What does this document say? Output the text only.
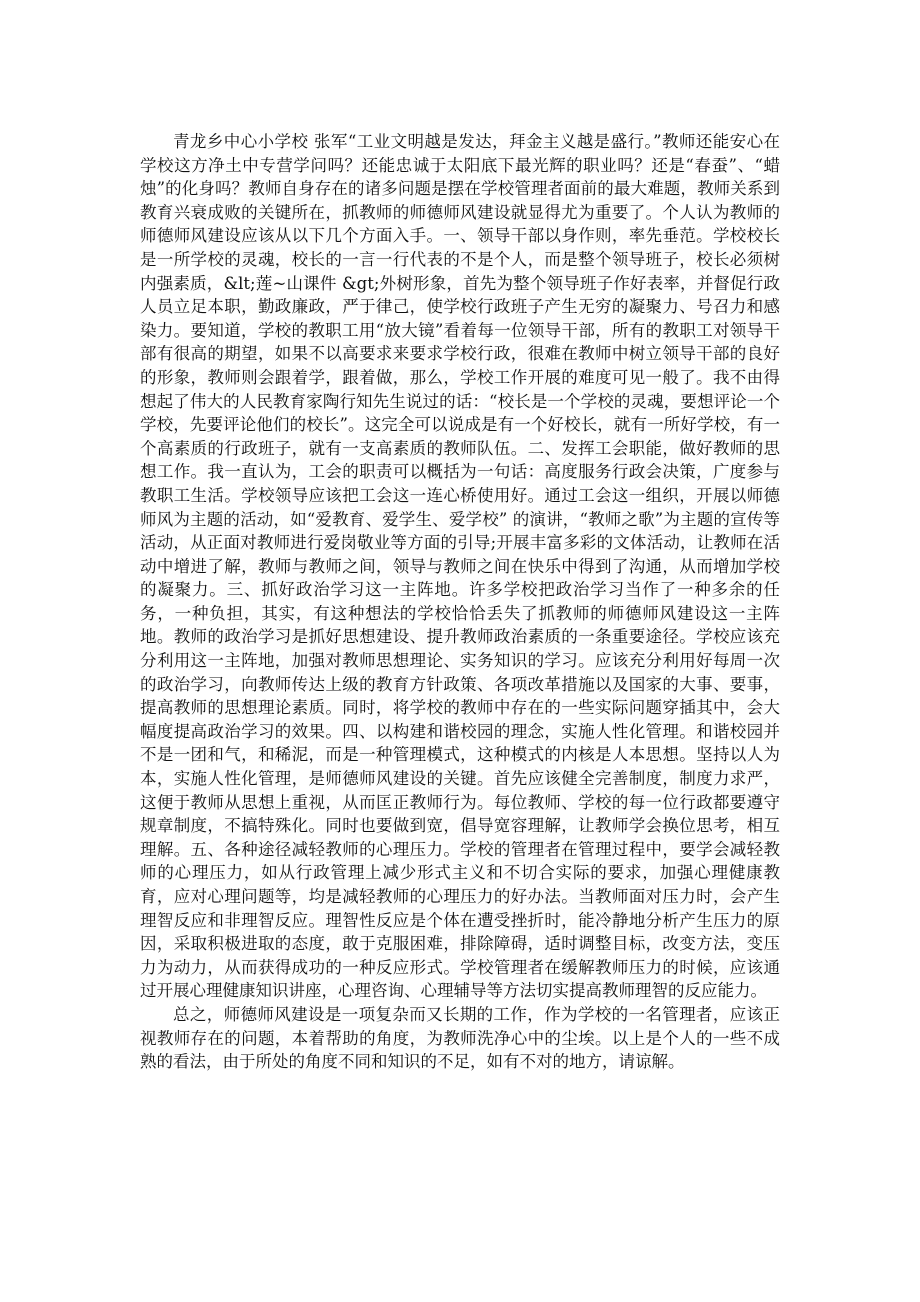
青龙乡中心小学校 张军“工业文明越是发达，拜金主义越是盛行。”教师还能安心在学校这方净土中专营学问吗？还能忠诚于太阳底下最光辉的职业吗？还是“春蚕”、“蜡烛”的化身吗？教师自身存在的诸多问题是摆在学校管理者面前的最大难题，教师关系到教育兴衰成败的关键所在，抓教师的师德师风建设就显得尤为重要了。个人认为教师的师德师风建设应该从以下几个方面入手。一、领导干部以身作则，率先垂范。学校校长是一所学校的灵魂，校长的一言一行代表的不是个人，而是整个领导班子，校长必须树内强素质，&lt;莲~山课件 &gt;外树形象，首先为整个领导班子作好表率，并督促行政人员立足本职，勤政廉政，严于律己，使学校行政班子产生无穷的凝聚力、号召力和感染力。要知道，学校的教职工用“放大镜”看着每一位领导干部，所有的教职工对领导干部有很高的期望，如果不以高要求来要求学校行政，很难在教师中树立领导干部的良好的形象，教师则会跟着学，跟着做，那么，学校工作开展的难度可见一般了。我不由得想起了伟大的人民教育家陶行知先生说过的话：“校长是一个学校的灵魂，要想评论一个学校，先要评论他们的校长”。这完全可以说成是有一个好校长，就有一所好学校，有一个高素质的行政班子，就有一支高素质的教师队伍。二、发挥工会职能，做好教师的思想工作。我一直认为，工会的职责可以概括为一句话：高度服务行政会决策，广度参与教职工生活。学校领导应该把工会这一连心桥使用好。通过工会这一组织，开展以师德师风为主题的活动，如“爱教育、爱学生、爱学校” 的演讲，“教师之歌”为主题的宣传等活动，从正面对教师进行爱岗敬业等方面的引导;开展丰富多彩的文体活动，让教师在活动中增进了解，教师与教师之间，领导与教师之间在快乐中得到了沟通，从而增加学校的凝聚力。三、抓好政治学习这一主阵地。许多学校把政治学习当作了一种多余的任务，一种负担，其实，有这种想法的学校恰恰丢失了抓教师的师德师风建设这一主阵地。教师的政治学习是抓好思想建设、提升教师政治素质的一条重要途径。学校应该充分利用这一主阵地，加强对教师思想理论、实务知识的学习。应该充分利用好每周一次的政治学习，向教师传达上级的教育方针政策、各项改革措施以及国家的大事、要事，提高教师的思想理论素质。同时，将学校的教师中存在的一些实际问题穿插其中，会大幅度提高政治学习的效果。四、以构建和谐校园的理念，实施人性化管理。和谐校园并不是一团和气，和稀泥，而是一种管理模式，这种模式的内核是人本思想。坚持以人为本，实施人性化管理，是师德师风建设的关键。首先应该健全完善制度，制度力求严，这便于教师从思想上重视，从而匡正教师行为。每位教师、学校的每一位行政都要遵守规章制度，不搞特殊化。同时也要做到宽，倡导宽容理解，让教师学会换位思考，相互理解。五、各种途径减轻教师的心理压力。学校的管理者在管理过程中，要学会减轻教师的心理压力，如从行政管理上减少形式主义和不切合实际的要求，加强心理健康教育，应对心理问题等，均是减轻教师的心理压力的好办法。当教师面对压力时，会产生理智反应和非理智反应。理智性反应是个体在遭受挫折时，能冷静地分析产生压力的原因，采取积极进取的态度，敢于克服困难，排除障碍，适时调整目标，改变方法，变压力为动力，从而获得成功的一种反应形式。学校管理者在缓解教师压力的时候，应该通过开展心理健康知识讲座，心理咨询、心理辅导等方法切实提高教师理智的反应能力。

总之，师德师风建设是一项复杂而又长期的工作，作为学校的一名管理者，应该正视教师存在的问题，本着帮助的角度，为教师洗净心中的尘埃。以上是个人的一些不成熟的看法，由于所处的角度不同和知识的不足，如有不对的地方，请谅解。
